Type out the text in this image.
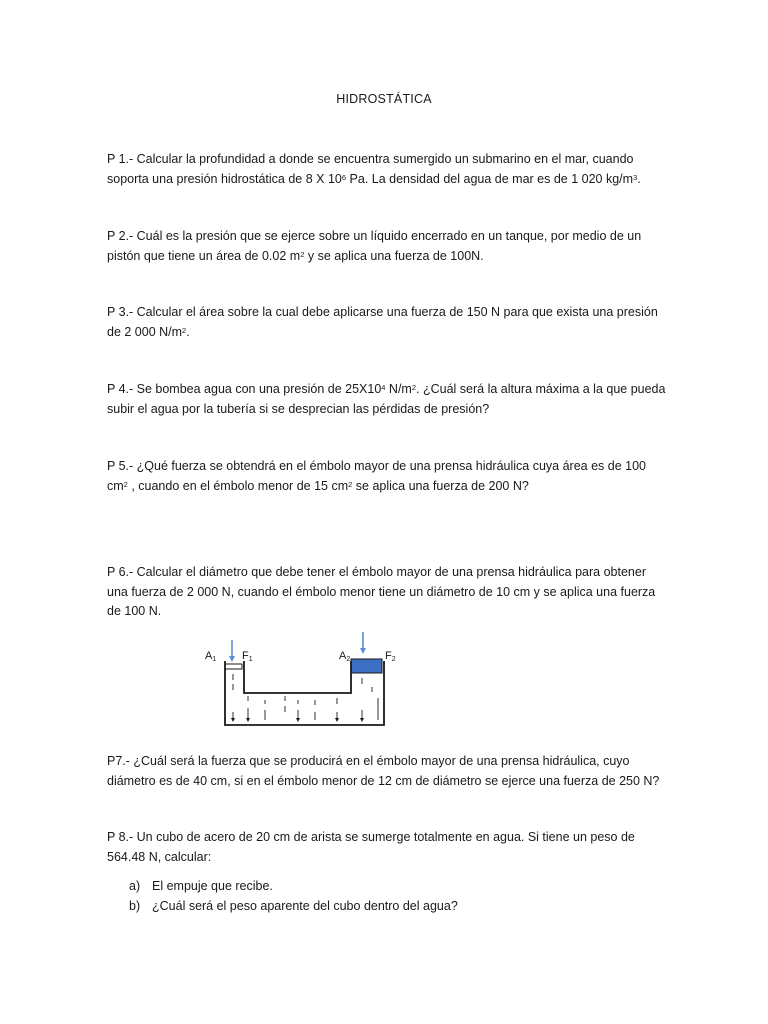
HIDROSTÁTICA
P 1.- Calcular la profundidad a donde se encuentra sumergido un submarino en el mar, cuando soporta una presión hidrostática de 8 X $10^6$ Pa. La densidad del agua de mar es de 1 020 $kg/m^3$.
P 2.- Cuál es la presión que se ejerce sobre un líquido encerrado en un tanque, por medio de un pistón que tiene un área de 0.02 $m^2$ y se aplica una fuerza de 100N.
P 3.- Calcular el área sobre la cual debe aplicarse una fuerza de 150 N para que exista una presión de 2 000 $N/m^2$.
P 4.- Se bombea agua con una presión de $25X10^4$ $N/m^2$. ¿Cuál será la altura máxima a la que pueda subir el agua por la tubería si se desprecian las pérdidas de presión?
P 5.- ¿Qué fuerza se obtendrá en el émbolo mayor de una prensa hidráulica cuya área es de 100 $cm^2$ , cuando en el émbolo menor de 15 $cm^2$ se aplica una fuerza de 200 N?
P 6.- Calcular el diámetro que debe tener el émbolo mayor de una prensa hidráulica para obtener una fuerza de 2 000 N, cuando el émbolo menor tiene un diámetro de 10 cm y se aplica una fuerza de 100 N.
A1 F1	A2	F2
P7.- ¿Cuál será la fuerza que se producirá en el émbolo mayor de una prensa hidráulica, cuyo diámetro es de 40 cm, si en el émbolo menor de 12 cm de diámetro se ejerce una fuerza de 250 N?
P 8.- Un cubo de acero de 20 cm de arista se sumerge totalmente en agua. Si tiene un peso de 564.48 N, calcular:
a) El empuje que recibe.
b) ¿Cuál será el peso aparente del cubo dentro del agua?
